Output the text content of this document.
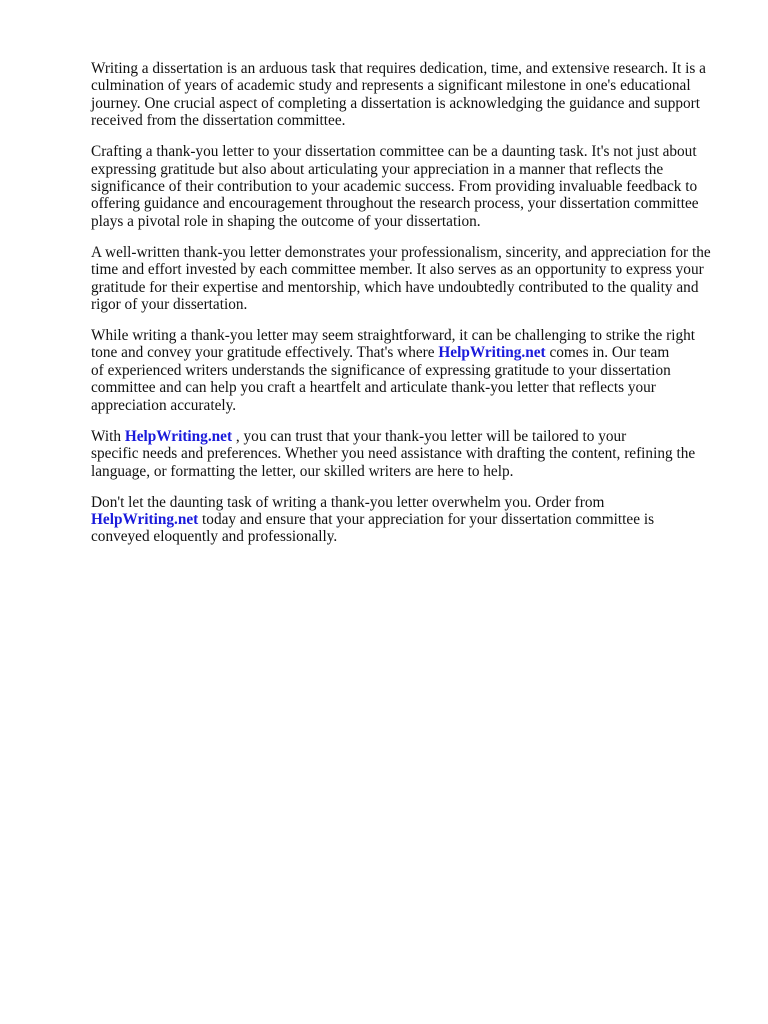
Writing a dissertation is an arduous task that requires dedication, time, and extensive research. It is a
culmination of years of academic study and represents a significant milestone in one's educational
journey. One crucial aspect of completing a dissertation is acknowledging the guidance and support
received from the dissertation committee.

Crafting a thank-you letter to your dissertation committee can be a daunting task. It's not just about
expressing gratitude but also about articulating your appreciation in a manner that reflects the
significance of their contribution to your academic success. From providing invaluable feedback to
offering guidance and encouragement throughout the research process, your dissertation committee
plays a pivotal role in shaping the outcome of your dissertation.

A well-written thank-you letter demonstrates your professionalism, sincerity, and appreciation for the
time and effort invested by each committee member. It also serves as an opportunity to express your
gratitude for their expertise and mentorship, which have undoubtedly contributed to the quality and
rigor of your dissertation.

While writing a thank-you letter may seem straightforward, it can be challenging to strike the right
tone and convey your gratitude effectively. That's where HelpWriting.net comes in. Our team
of experienced writers understands the significance of expressing gratitude to your dissertation
committee and can help you craft a heartfelt and articulate thank-you letter that reflects your
appreciation accurately.

With HelpWriting.net , you can trust that your thank-you letter will be tailored to your
specific needs and preferences. Whether you need assistance with drafting the content, refining the
language, or formatting the letter, our skilled writers are here to help.

Don't let the daunting task of writing a thank-you letter overwhelm you. Order from
HelpWriting.net today and ensure that your appreciation for your dissertation committee is
conveyed eloquently and professionally.
